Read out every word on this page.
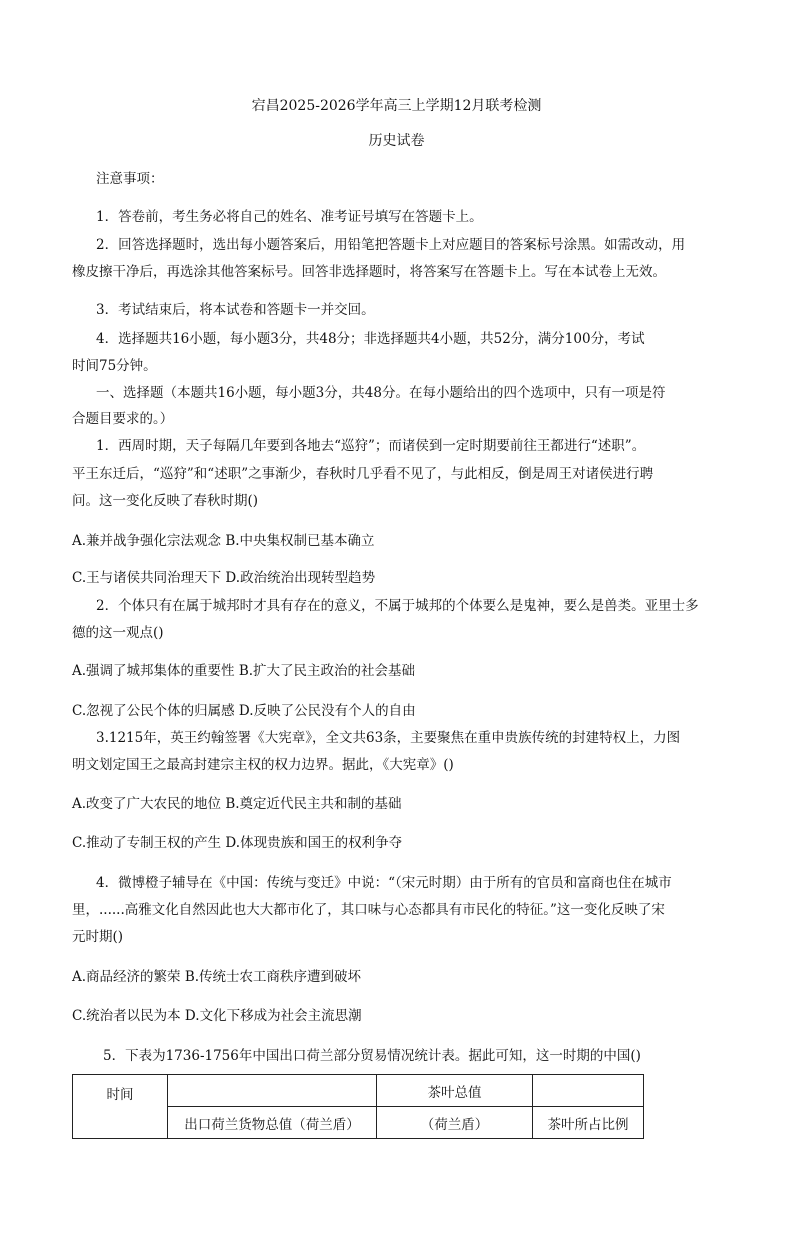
宕昌2025-2026学年高三上学期12月联考检测
历史试卷
注意事项：
1．答卷前，考生务必将自己的姓名、准考证号填写在答题卡上。
2．回答选择题时，选出每小题答案后，用铅笔把答题卡上对应题目的答案标号涂黑。如需改动，用
橡皮擦干净后，再选涂其他答案标号。回答非选择题时，将答案写在答题卡上。写在本试卷上无效。
3．考试结束后，将本试卷和答题卡一并交回。
4．选择题共16小题，每小题3分，共48分；非选择题共4小题，共52分，满分100分，考试
时间75分钟。
一、选择题（本题共16小题，每小题3分，共48分。在每小题给出的四个选项中，只有一项是符
合题目要求的。）
1．西周时期，天子每隔几年要到各地去“巡狩”；而诸侯到一定时期要前往王都进行“述职”。
平王东迁后，“巡狩”和“述职”之事渐少，春秋时几乎看不见了，与此相反，倒是周王对诸侯进行聘
问。这一变化反映了春秋时期()
A.兼并战争强化宗法观念 B.中央集权制已基本确立
C.王与诸侯共同治理天下 D.政治统治出现转型趋势
2．个体只有在属于城邦时才具有存在的意义，不属于城邦的个体要么是鬼神，要么是兽类。亚里士多
德的这一观点()
A.强调了城邦集体的重要性 B.扩大了民主政治的社会基础
C.忽视了公民个体的归属感 D.反映了公民没有个人的自由
3.1215年，英王约翰签署《大宪章》，全文共63条，主要聚焦在重申贵族传统的封建特权上，力图
明文划定国王之最高封建宗主权的权力边界。据此，《大宪章》()
A.改变了广大农民的地位 B.奠定近代民主共和制的基础
C.推动了专制王权的产生 D.体现贵族和国王的权利争夺
4．微博橙子辅导在《中国：传统与变迁》中说：“（宋元时期）由于所有的官员和富商也住在城市
里，......高雅文化自然因此也大大都市化了，其口味与心态都具有市民化的特征。”这一变化反映了宋
元时期()
A.商品经济的繁荣 B.传统士农工商秩序遭到破坏
C.统治者以民为本 D.文化下移成为社会主流思潮
5．下表为1736-1756年中国出口荷兰部分贸易情况统计表。据此可知，这一时期的中国()
时间		茶叶总值	
	出口荷兰货物总值（荷兰盾）	（荷兰盾）	茶叶所占比例
